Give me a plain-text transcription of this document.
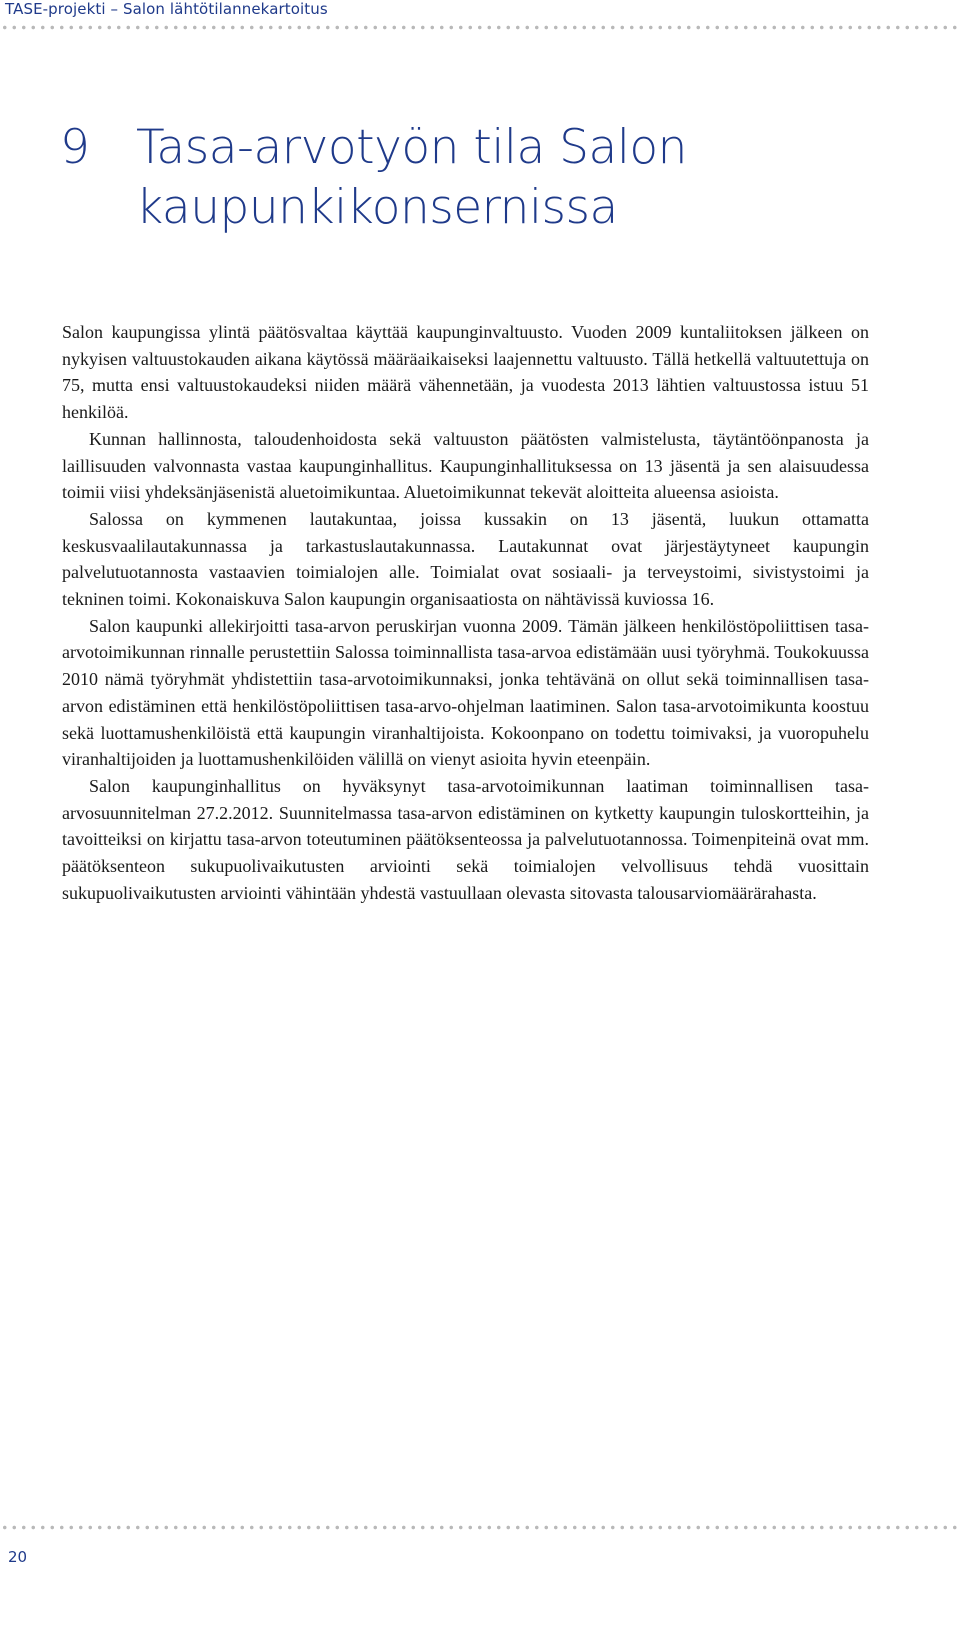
TASE-projekti – Salon lähtötilannekartoitus
9 Tasa-arvotyön tila Salon kaupunkikonsernissa

Salon kaupungissa ylintä päätösvaltaa käyttää kaupunginvaltuusto. Vuoden 2009 kuntaliitoksen jälkeen on nykyisen valtuustokauden aikana käytössä määräaikaiseksi laajennettu valtuusto. Tällä hetkellä valtuutettuja on 75, mutta ensi valtuustokaudeksi niiden määrä vähennetään, ja vuodesta 2013 lähtien valtuustossa istuu 51 henkilöä.

Kunnan hallinnosta, taloudenhoidosta sekä valtuuston päätösten valmistelusta, täytäntöönpanosta ja laillisuuden valvonnasta vastaa kaupunginhallitus. Kaupunginhallituksessa on 13 jäsentä ja sen alaisuudessa toimii viisi yhdeksänjäsenistä aluetoimikuntaa. Aluetoimikunnat tekevät aloitteita alueensa asioista.

Salossa on kymmenen lautakuntaa, joissa kussakin on 13 jäsentä, luukun ottamatta keskusvaalilautakunnassa ja tarkastuslautakunnassa. Lautakunnat ovat järjestäytyneet kaupungin palvelutuotannosta vastaavien toimialojen alle. Toimialat ovat sosiaali- ja terveystoimi, sivistystoimi ja tekninen toimi. Kokonaiskuva Salon kaupungin organisaatiosta on nähtävissä kuviossa 16.

Salon kaupunki allekirjoitti tasa-arvon peruskirjan vuonna 2009. Tämän jälkeen henkilöstöpoliittisen tasa-arvotoimikunnan rinnalle perustettiin Salossa toiminnallista tasa-arvoa edistämään uusi työryhmä. Toukokuussa 2010 nämä työryhmät yhdistettiin tasa-arvotoimikunnaksi, jonka tehtävänä on ollut sekä toiminnallisen tasa-arvon edistäminen että henkilöstöpoliittisen tasa-arvo-ohjelman laatiminen. Salon tasa-arvotoimikunta koostuu sekä luottamushenkilöistä että kaupungin viranhaltijoista. Kokoonpano on todettu toimivaksi, ja vuoropuhelu viranhaltijoiden ja luottamushenkilöiden välillä on vienyt asioita hyvin eteenpäin.

Salon kaupunginhallitus on hyväksynyt tasa-arvotoimikunnan laatiman toiminnallisen tasa-arvosuunnitelman 27.2.2012. Suunnitelmassa tasa-arvon edistäminen on kytketty kaupungin tuloskortteihin, ja tavoitteiksi on kirjattu tasa-arvon toteutuminen päätöksenteossa ja palvelutuotannossa. Toimenpiteinä ovat mm. päätöksenteon sukupuolivaikutusten arviointi sekä toimialojen velvollisuus tehdä vuosittain sukupuolivaikutusten arviointi vähintään yhdestä vastuullaan olevasta sitovasta talousarviomäärärahasta.

20
